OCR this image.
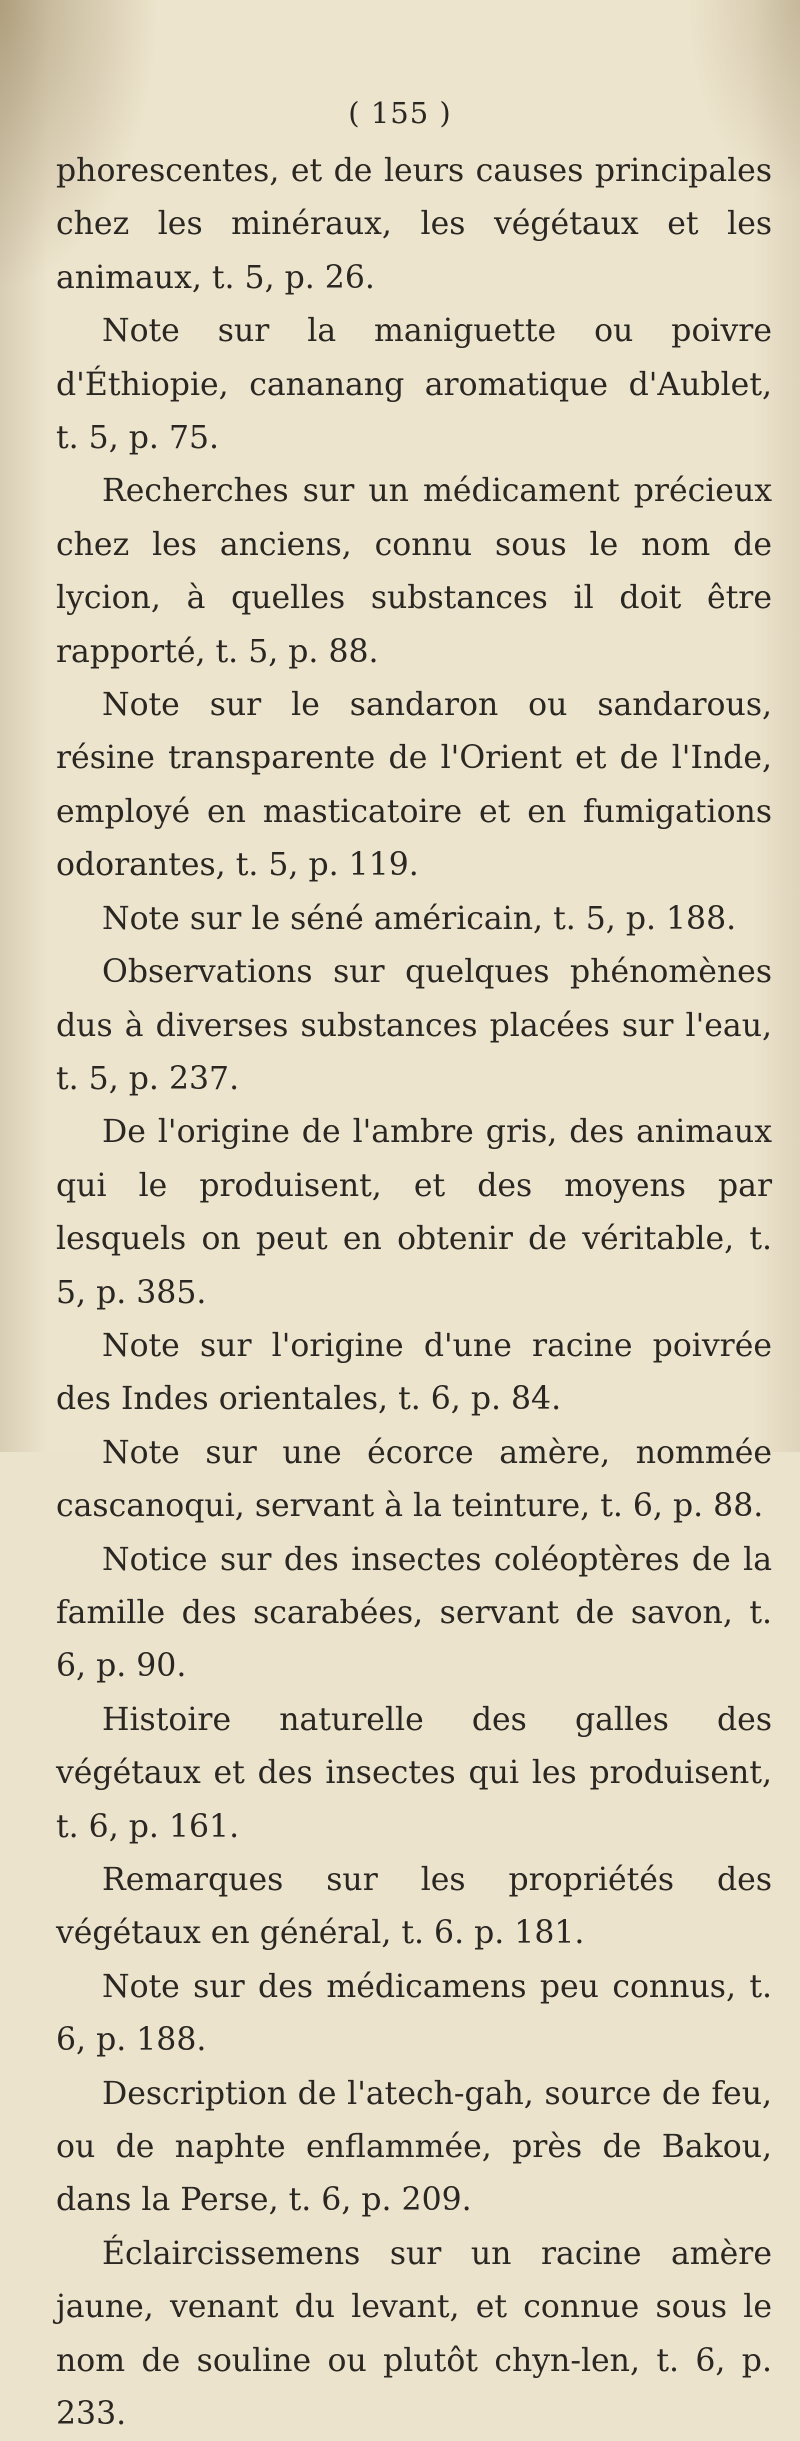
( 155 )

phorescentes, et de leurs causes principales chez les minéraux, les végétaux et les animaux, t. 5, p. 26.

Note sur la maniguette ou poivre d'Éthiopie, cananang aromatique d'Aublet, t. 5, p. 75.

Recherches sur un médicament précieux chez les anciens, connu sous le nom de lycion, à quelles substances il doit être rapporté, t. 5, p. 88.

Note sur le sandaron ou sandarous, résine transparente de l'Orient et de l'Inde, employé en masticatoire et en fumigations odorantes, t. 5, p. 119.

Note sur le séné américain, t. 5, p. 188.

Observations sur quelques phénomènes dus à diverses substances placées sur l'eau, t. 5, p. 237.

De l'origine de l'ambre gris, des animaux qui le produisent, et des moyens par lesquels on peut en obtenir de véritable, t. 5, p. 385.

Note sur l'origine d'une racine poivrée des Indes orientales, t. 6, p. 84.

Note sur une écorce amère, nommée cascanoqui, servant à la teinture, t. 6, p. 88.

Notice sur des insectes coléoptères de la famille des scarabées, servant de savon, t. 6, p. 90.

Histoire naturelle des galles des végétaux et des insectes qui les produisent, t. 6, p. 161.

Remarques sur les propriétés des végétaux en général, t. 6. p. 181.

Note sur des médicamens peu connus, t. 6, p. 188.

Description de l'atech-gah, source de feu, ou de naphte enflammée, près de Bakou, dans la Perse, t. 6, p. 209.

Éclaircissemens sur un racine amère jaune, venant du levant, et connue sous le nom de souline ou plutôt chyn-len, t. 6, p. 233.
